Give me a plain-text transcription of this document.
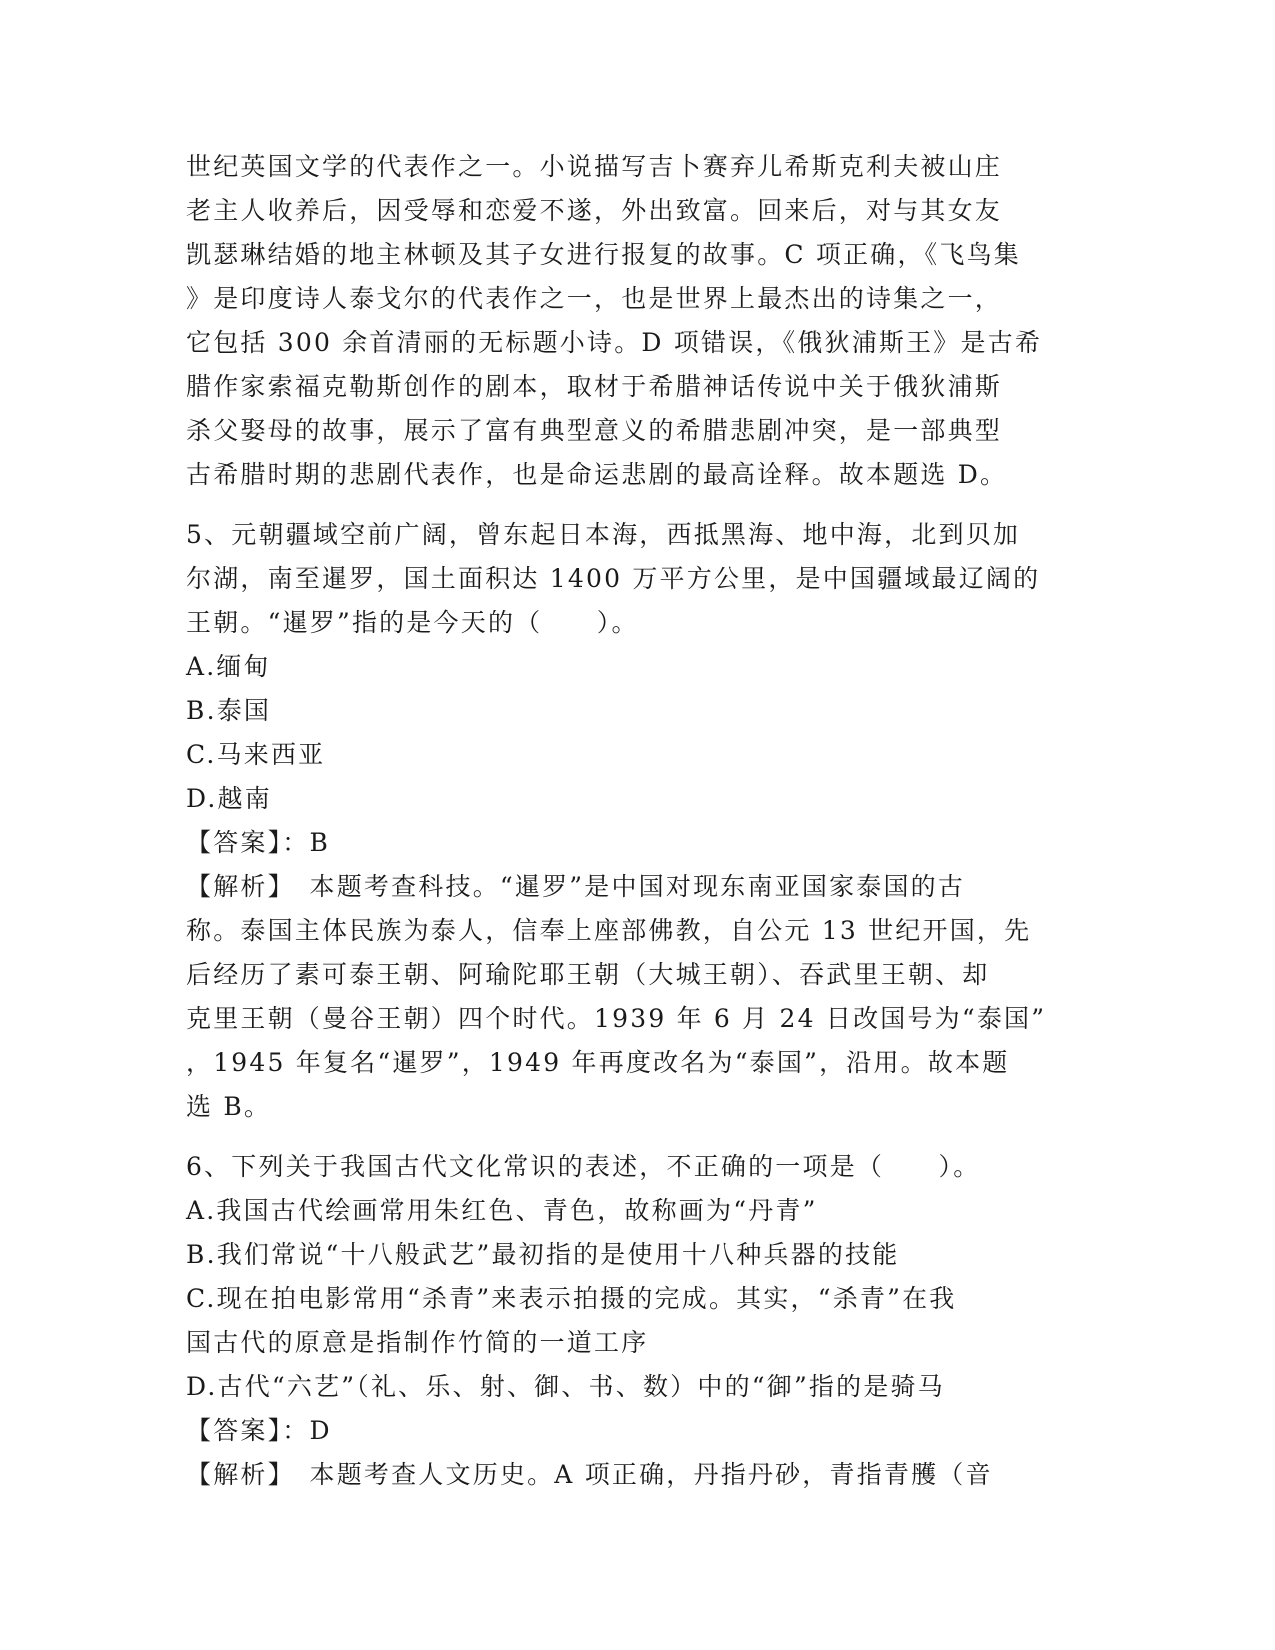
世纪英国文学的代表作之一。小说描写吉卜赛弃儿希斯克利夫被山庄

老主人收养后，因受辱和恋爱不遂，外出致富。回来后，对与其女友

凯瑟琳结婚的地主林顿及其子女进行报复的故事。C 项正确，《飞鸟集

》是印度诗人泰戈尔的代表作之一，也是世界上最杰出的诗集之一，

它包括 300 余首清丽的无标题小诗。D 项错误，《俄狄浦斯王》是古希

腊作家索福克勒斯创作的剧本，取材于希腊神话传说中关于俄狄浦斯

杀父娶母的故事，展示了富有典型意义的希腊悲剧冲突，是一部典型

古希腊时期的悲剧代表作，也是命运悲剧的最高诠释。故本题选 D。

5、元朝疆域空前广阔，曾东起日本海，西抵黑海、地中海，北到贝加

尔湖，南至暹罗，国土面积达 1400 万平方公里，是中国疆域最辽阔的

王朝。“暹罗”指的是今天的（　　）。

A.缅甸

B.泰国

C.马来西亚

D.越南

【答案】：B

【解析】　本题考查科技。“暹罗”是中国对现东南亚国家泰国的古

称。泰国主体民族为泰人，信奉上座部佛教，自公元 13 世纪开国，先

后经历了素可泰王朝、阿瑜陀耶王朝（大城王朝）、吞武里王朝、却

克里王朝（曼谷王朝）四个时代。1939 年 6 月 24 日改国号为“泰国”

，1945 年复名“暹罗”，1949 年再度改名为“泰国”，沿用。故本题

选 B。

6、下列关于我国古代文化常识的表述，不正确的一项是（　　）。

A.我国古代绘画常用朱红色、青色，故称画为“丹青”

B.我们常说“十八般武艺”最初指的是使用十八种兵器的技能

C.现在拍电影常用“杀青”来表示拍摄的完成。其实，“杀青”在我

国古代的原意是指制作竹简的一道工序

D.古代“六艺”（礼、乐、射、御、书、数）中的“御”指的是骑马

【答案】：D

【解析】　本题考查人文历史。A 项正确，丹指丹砂，青指青雘（音
